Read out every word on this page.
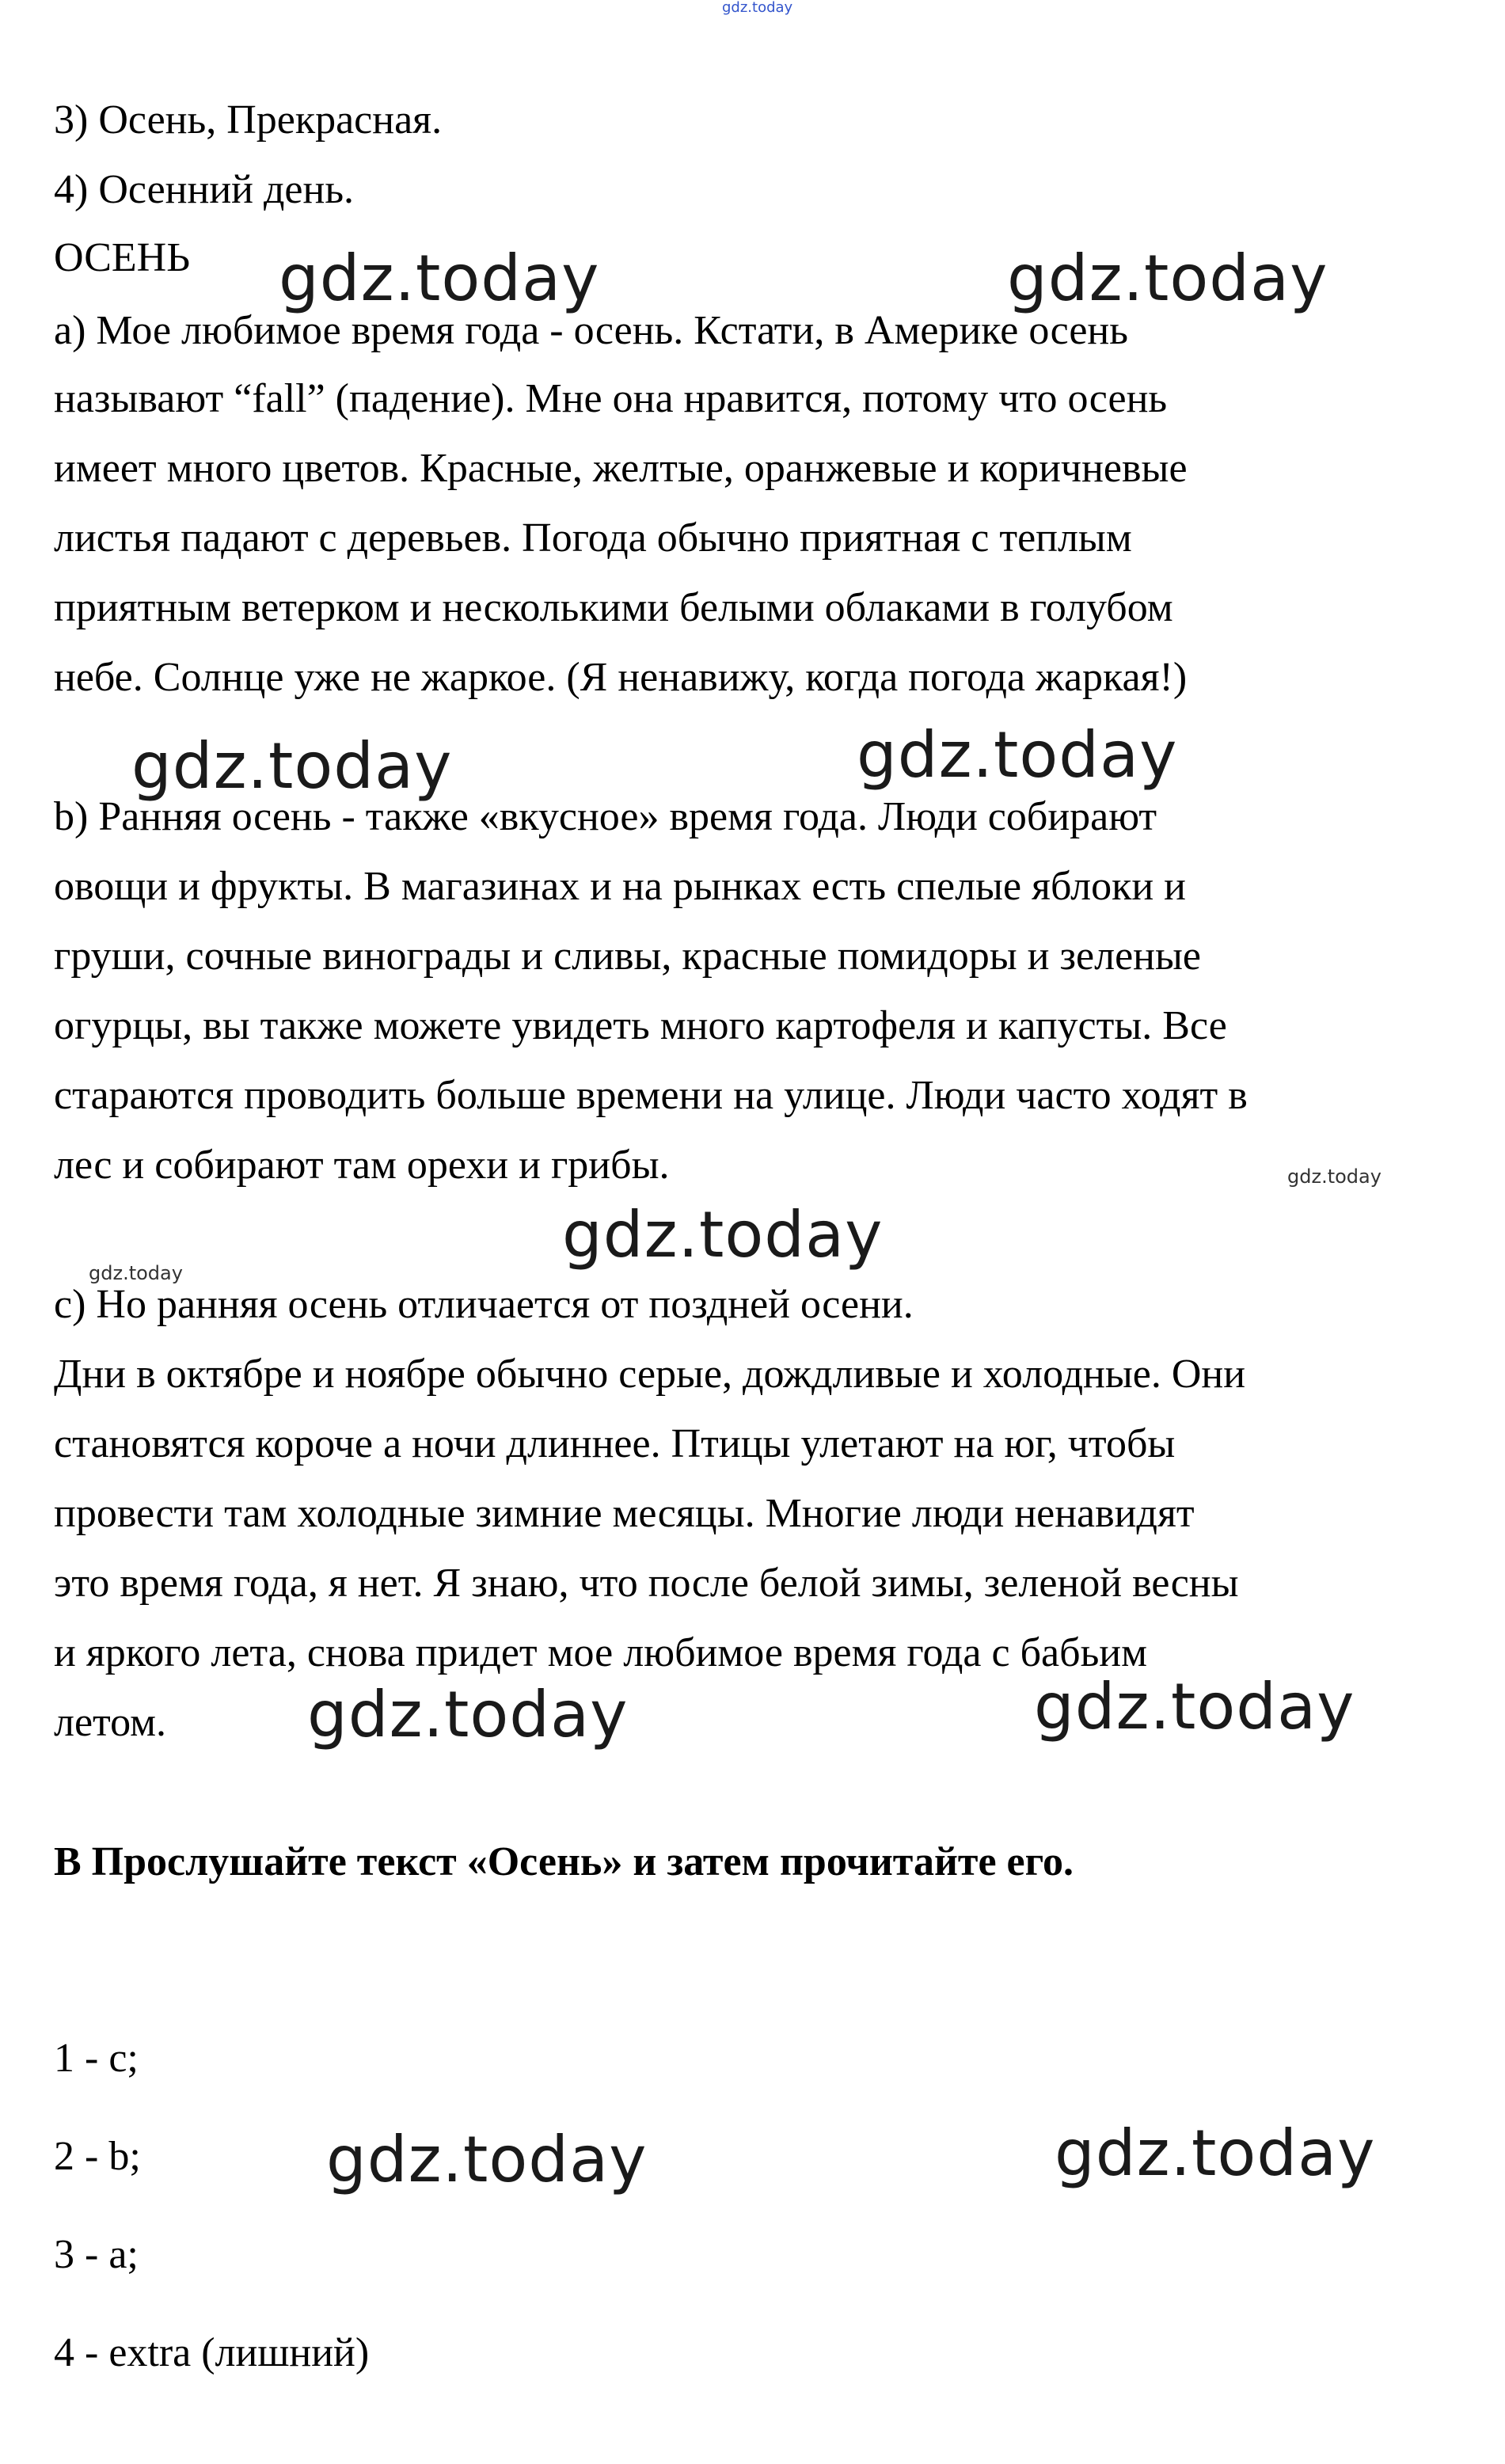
gdz.today

3) Осень, Прекрасная.

4) Осенний день.

ОСЕНЬ

a) Мое любимое время года - осень. Кстати, в Америке осень

называют “fall” (падение). Мне она нравится, потому что осень

имеет много цветов. Красные, желтые, оранжевые и коричневые

листья падают с деревьев. Погода обычно приятная с теплым

приятным ветерком и несколькими белыми облаками в голубом

небе. Солнце уже не жаркое. (Я ненавижу, когда погода жаркая!)

b) Ранняя осень - также «вкусное» время года. Люди собирают

овощи и фрукты. В магазинах и на рынках есть спелые яблоки и

груши, сочные винограды и сливы, красные помидоры и зеленые

огурцы, вы также можете увидеть много картофеля и капусты. Все

стараются проводить больше времени на улице. Люди часто ходят в

лес и собирают там орехи и грибы.

c) Но ранняя осень отличается от поздней осени.

Дни в октябре и ноябре обычно серые, дождливые и холодные. Они

становятся короче а ночи длиннее. Птицы улетают на юг, чтобы

провести там холодные зимние месяцы. Многие люди ненавидят

это время года, я нет. Я знаю, что после белой зимы, зеленой весны

и яркого лета, снова придет мое любимое время года с бабьим

летом.

B Прослушайте текст «Осень» и затем прочитайте его.

1 - c;

2 - b;

3 - a;

4 - extra (лишний)

gdz.today	gdz.today
gdz.today	gdz.today
gdz.today
gdz.today	gdz.today
gdz.today	gdz.today
gdz.today
gdz.today
